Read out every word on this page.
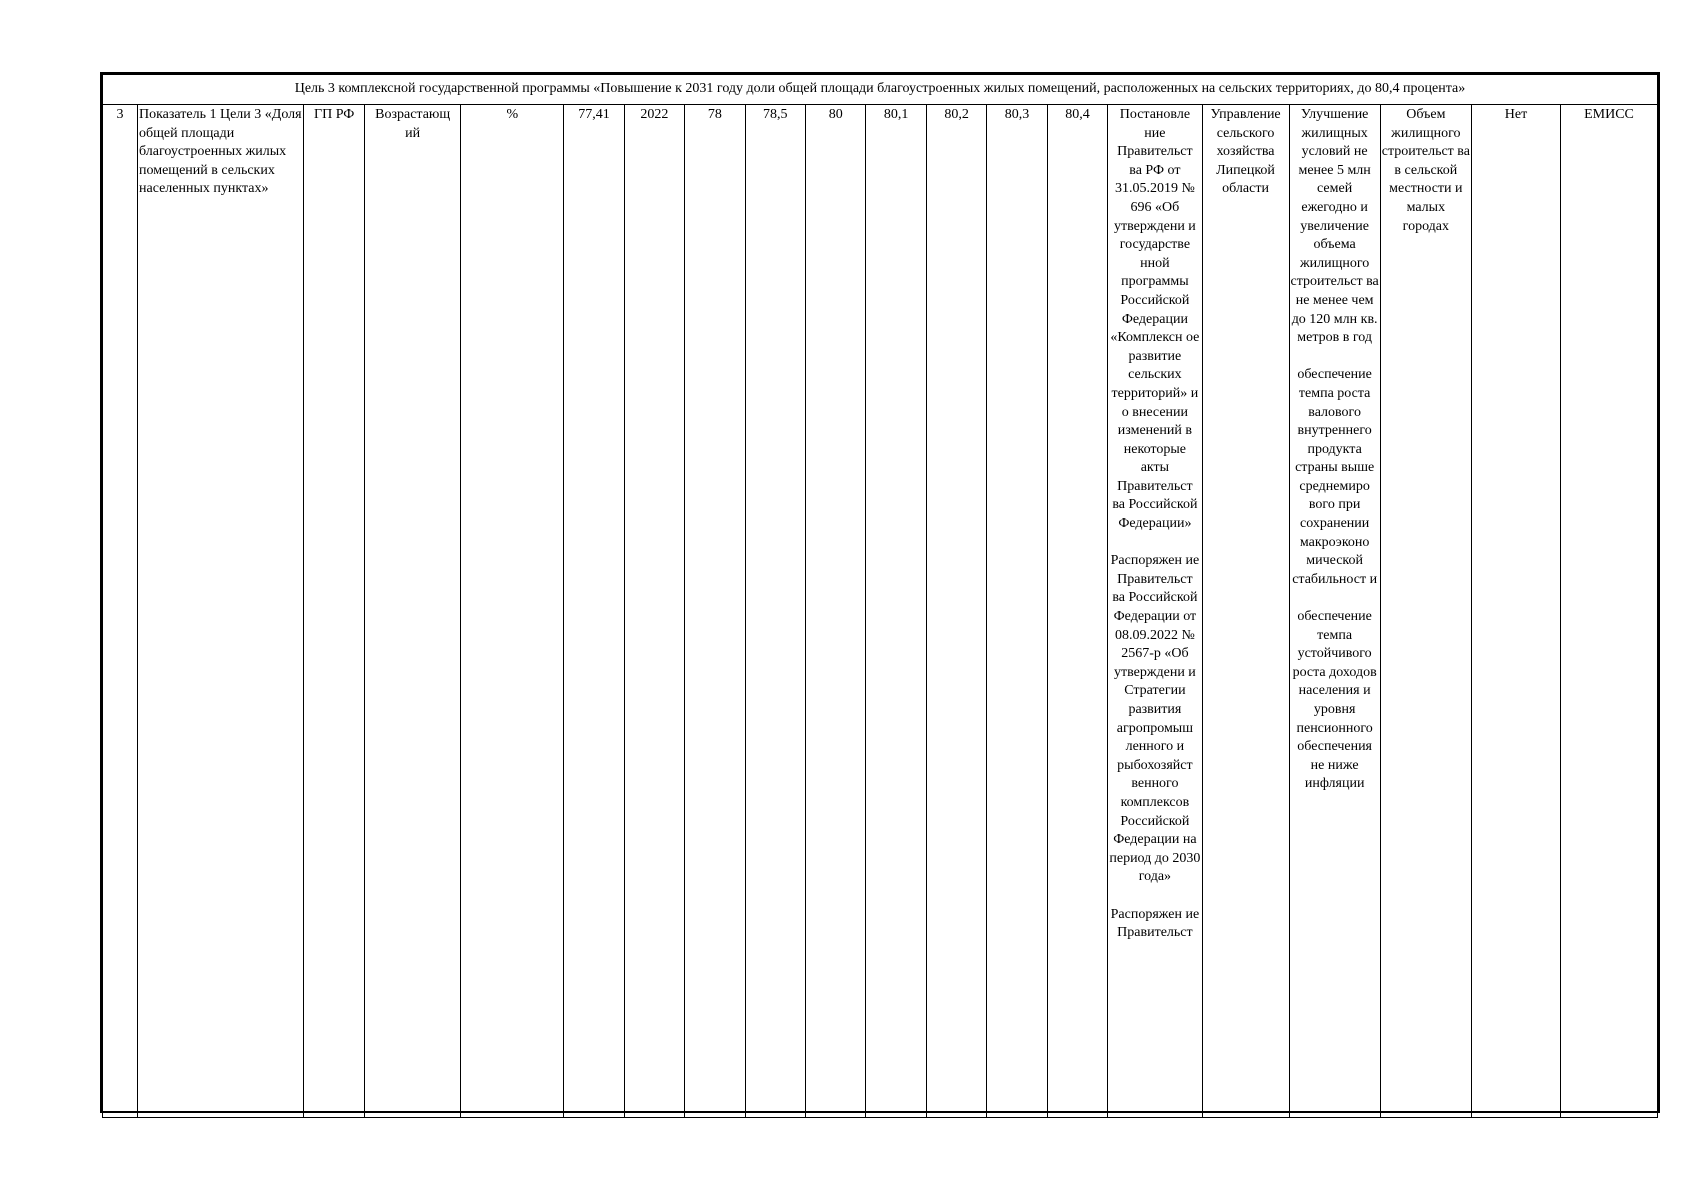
Цель 3 комплексной государственной программы «Повышение к 2031 году доли общей площади благоустроенных жилых помещений, расположенных на сельских территориях, до 80,4 процента»
3	Показатель 1 Цели 3 «Доля общей площади благоустроенных жилых помещений в сельских населенных пунктах»	ГП РФ	Возрастающ ий	%	77,41	2022	78	78,5	80	80,1	80,2	80,3	80,4	Постановле ние Правительст ва РФ от 31.05.2019 № 696 «Об утверждени и государстве нной программы Российской Федерации «Комплексн ое развитие сельских территорий» и о внесении изменений в некоторые акты Правительст ва Российской Федерации»

Распоряжен ие Правительст ва Российской Федерации от 08.09.2022 № 2567-р «Об утверждени и Стратегии развития агропромыш ленного и рыбохозяйст венного комплексов Российской Федерации на период до 2030 года»

Распоряжен ие Правительст	Управление сельского хозяйства Липецкой области	Улучшение жилищных условий не менее 5 млн семей ежегодно и увеличение объема жилищного строительст ва не менее чем до 120 млн кв. метров в год

обеспечение темпа роста валового внутреннего продукта страны выше среднемиро вого при сохранении макроэконо мической стабильност и

обеспечение темпа устойчивого роста доходов населения и уровня пенсионного обеспечения не ниже инфляции	Объем жилищного строительст ва в сельской местности и малых городах	Нет	ЕМИСС
